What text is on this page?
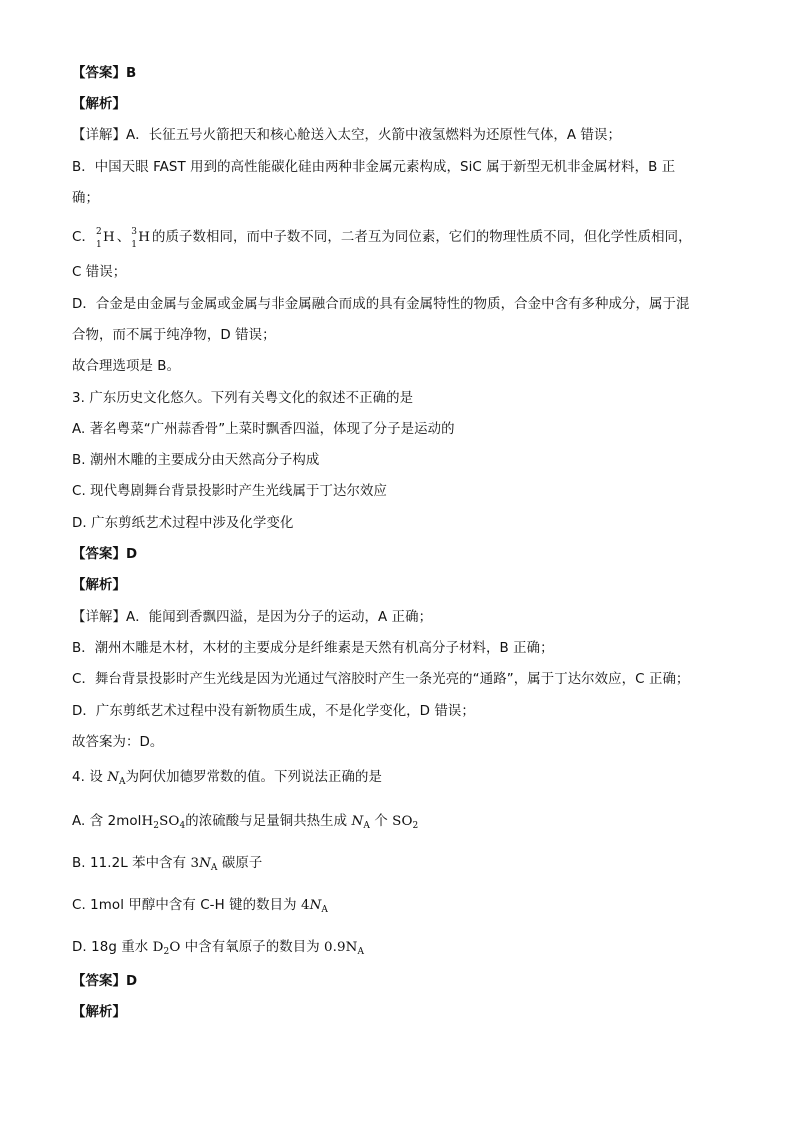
【答案】B
【解析】
【详解】A．长征五号火箭把天和核心舱送入太空，火箭中液氢燃料为还原性气体，A 错误；
B．中国天眼 FAST 用到的高性能碳化硅由两种非金属元素构成，SiC 属于新型无机非金属材料，B 正
确；
C． 2
1 H 、 3
1 H 的质子数相同，而中子数不同，二者互为同位素，它们的物理性质不同，但化学性质相同，
C 错误；
D．合金是由金属与金属或金属与非金属融合而成的具有金属特性的物质，合金中含有多种成分，属于混
合物，而不属于纯净物，D 错误；
故合理选项是 B。
3. 广东历史文化悠久。下列有关粤文化的叙述不正确的是
A. 著名粤菜“广州蒜香骨”上菜时飘香四溢，体现了分子是运动的
B. 潮州木雕的主要成分由天然高分子构成
C. 现代粤剧舞台背景投影时产生光线属于丁达尔效应
D. 广东剪纸艺术过程中涉及化学变化
【答案】D
【解析】
【详解】A．能闻到香飘四溢，是因为分子的运动，A 正确；
B．潮州木雕是木材，木材的主要成分是纤维素是天然有机高分子材料，B 正确；
C．舞台背景投影时产生光线是因为光通过气溶胶时产生一条光亮的“通路”，属于丁达尔效应，C 正确；
D．广东剪纸艺术过程中没有新物质生成，不是化学变化，D 错误；
故答案为：D。
4. 设 $N_A$为阿伏加德罗常数的值。下列说法正确的是
A. 含 $2molH_2SO_4$的浓硫酸与足量铜共热生成 $N_A$ 个 $SO_2$
B. 11.2L 苯中含有 $3N_A$ 碳原子
C. 1mol 甲醇中含有 C-H 键的数目为 $4N_A$
D. 18g 重水 $D_2O$ 中含有氧原子的数目为 $0.9N_A$
【答案】D
【解析】
